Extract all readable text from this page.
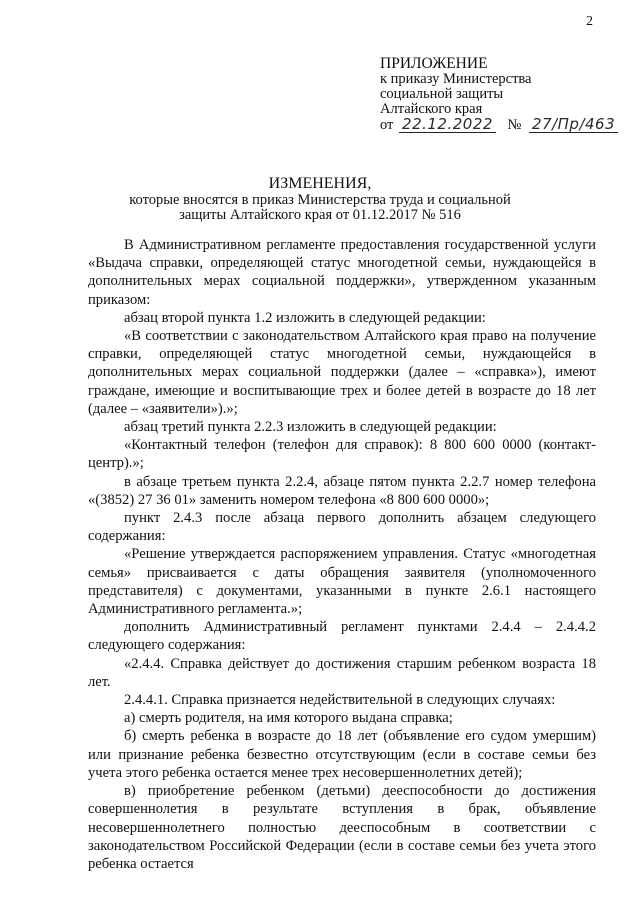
2
ПРИЛОЖЕНИЕ
к приказу Министерства
социальной защиты
Алтайского края
от 22.12.2022 № 27/Пр/463
ИЗМЕНЕНИЯ,
которые вносятся в приказ Министерства труда и социальной
защиты Алтайского края от 01.12.2017 № 516

В Административном регламенте предоставления государственной услуги «Выдача справки, определяющей статус многодетной семьи, нуждающейся в дополнительных мерах социальной поддержки», утвержденном указанным приказом:

абзац второй пункта 1.2 изложить в следующей редакции:

«В соответствии с законодательством Алтайского края право на получение справки, определяющей статус многодетной семьи, нуждающейся в дополнительных мерах социальной поддержки (далее – «справка»), имеют граждане, имеющие и воспитывающие трех и более детей в возрасте до 18 лет (далее – «заявители»).»;

абзац третий пункта 2.2.3 изложить в следующей редакции:

«Контактный телефон (телефон для справок): 8 800 600 0000 (контакт-центр).»;

в абзаце третьем пункта 2.2.4, абзаце пятом пункта 2.2.7 номер телефона «(3852) 27 36 01» заменить номером телефона «8 800 600 0000»;

пункт 2.4.3 после абзаца первого дополнить абзацем следующего содержания:

«Решение утверждается распоряжением управления. Статус «многодетная семья» присваивается с даты обращения заявителя (уполномоченного представителя) с документами, указанными в пункте 2.6.1 настоящего Административного регламента.»;

дополнить Административный регламент пунктами 2.4.4 – 2.4.4.2 следующего содержания:

«2.4.4. Справка действует до достижения старшим ребенком возраста 18 лет.

2.4.4.1. Справка признается недействительной в следующих случаях:

а) смерть родителя, на имя которого выдана справка;

б) смерть ребенка в возрасте до 18 лет (объявление его судом умершим) или признание ребенка безвестно отсутствующим (если в составе семьи без учета этого ребенка остается менее трех несовершеннолетних детей);

в) приобретение ребенком (детьми) дееспособности до достижения совершеннолетия в результате вступления в брак, объявление несовершеннолетнего полностью дееспособным в соответствии с законодательством Российской Федерации (если в составе семьи без учета этого ребенка остается
